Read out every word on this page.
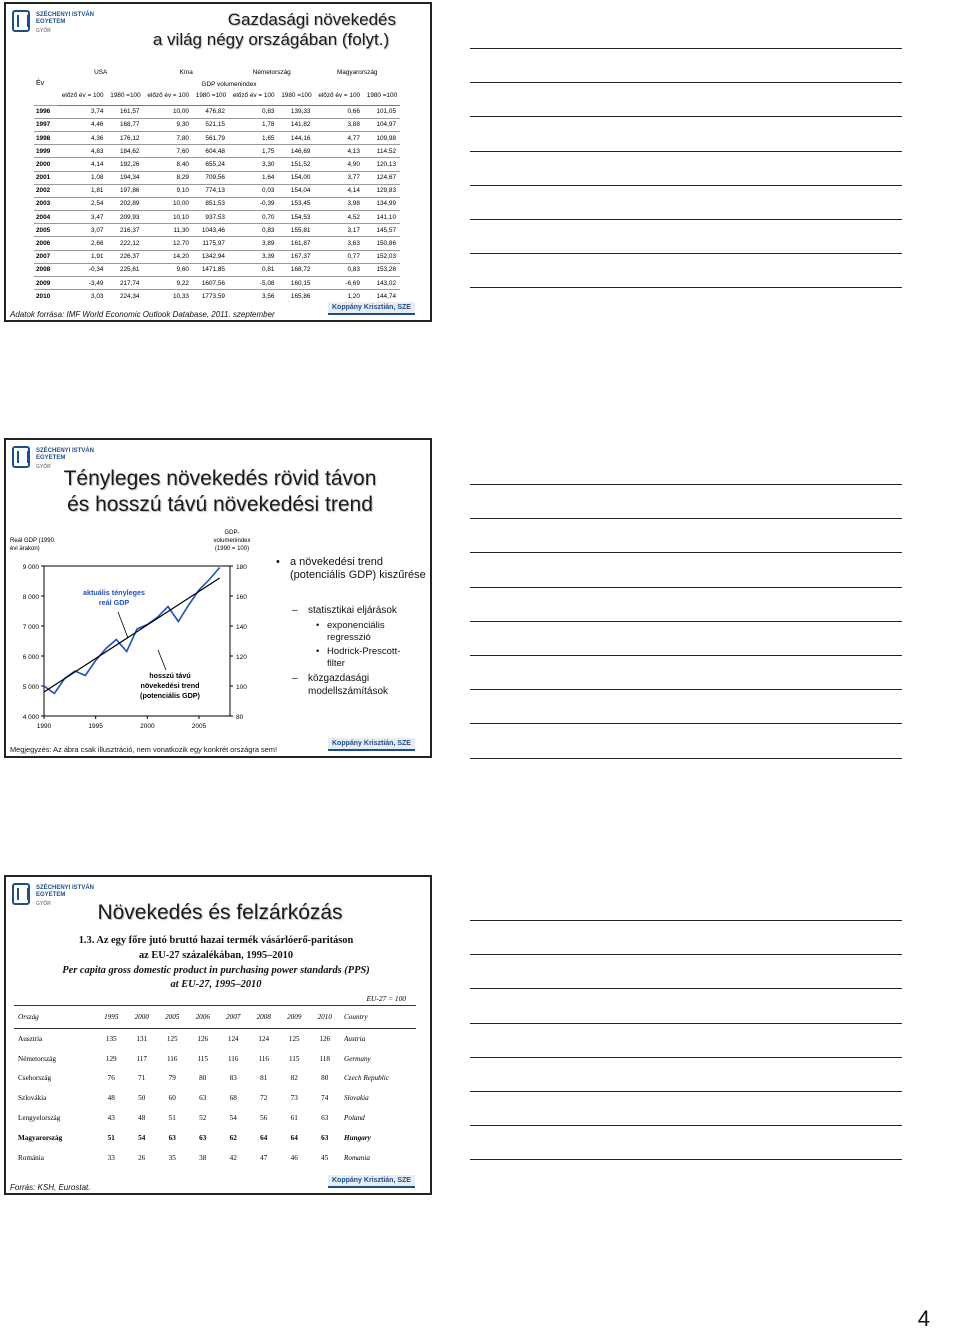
SZÉCHENYI ISTVÁN
EGYETEM
GYŐR
Gazdasági növekedés
a világ négy országában (folyt.)
Év	USA		Kína		Németország		Magyarország	
	GDP volumenindex							
	előző év = 100	1980 =100	előző év = 100	1980 =100	előző év = 100	1980 =100	előző év = 100	1980 =100
1996	3,74	161,57	10,00	476,82	0,83	139,33	0,66	101,05
1997	4,46	168,77	9,30	521,15	1,78	141,82	3,88	104,97
1998	4,36	176,12	7,80	561,79	1,65	144,16	4,77	109,98
1999	4,83	184,62	7,60	604,48	1,75	146,69	4,13	114,52
2000	4,14	192,26	8,40	655,24	3,30	151,52	4,90	120,13
2001	1,08	194,34	8,29	709,56	1,64	154,00	3,77	124,67
2002	1,81	197,86	9,10	774,13	0,03	154,04	4,14	129,83
2003	2,54	202,89	10,00	851,53	-0,39	153,45	3,98	134,99
2004	3,47	209,93	10,10	937,53	0,70	154,53	4,52	141,10
2005	3,07	216,37	11,30	1043,46	0,83	155,81	3,17	145,57
2006	2,66	222,12	12,70	1175,97	3,89	161,87	3,63	150,86
2007	1,91	226,37	14,20	1342,94	3,39	167,37	0,77	152,03
2008	-0,34	225,61	9,60	1471,85	0,81	168,72	0,83	153,28
2009	-3,49	217,74	9,22	1607,56	-5,08	160,15	-6,69	143,02
2010	3,03	224,34	10,33	1773,59	3,56	165,86	1,20	144,74
Adatok forrása: IMF World Economic Outlook Database, 2011. szeptember
Koppány Krisztián, SZE
SZÉCHENYI ISTVÁN
EGYETEM
GYŐR Tényleges növekedés rövid távon
és hosszú távú növekedési trend
9 000
8 000
7 000
6 000
5 000
4 000
180
160
140
120
100
80
1990	1995	2000	2005
Reál GDP (1990.
évi árakon)
GDP-
volumenindex
(1990 = 100)
aktuális tényleges
reál GDP
hosszú távú
növekedési trend
(potenciális GDP)
• a növekedési trend (potenciális GDP) kiszűrése
–	statisztikai eljárások
• exponenciális regresszió
• Hodrick-Prescott-filter
–	közgazdasági modellszámítások
Megjegyzés: Az ábra csak illusztráció, nem vonatkozik egy konkrét országra sem!
Koppány Krisztián, SZE
SZÉCHENYI ISTVÁN
EGYETEM
GYŐR	Növekedés és felzárkózás
1.3. Az egy főre jutó bruttó hazai termék vásárlóerő-paritáson
az EU-27 százalékában, 1995–2010
Per capita gross domestic product in purchasing power standards (PPS)
at EU-27, 1995–2010
EU-27 = 100
Ország	1995	2000	2005	2006	2007	2008	2009	2010	Country
Ausztria	135	131	125	126	124	124	125	126	Austria
Németország	129	117	116	115	116	116	115	118	Germany
Csehország	76	71	79	80	83	81	82	80	Czech Republic
Szlovákia	48	50	60	63	68	72	73	74	Slovakia
Lengyelország	43	48	51	52	54	56	61	63	Poland
Magyarország	51	54	63	63	62	64	64	63	Hungary
Románia	33	26	35	38	42	47	46	45	Romania
Forrás: KSH, Eurostat.
Koppány Krisztián, SZE
4
